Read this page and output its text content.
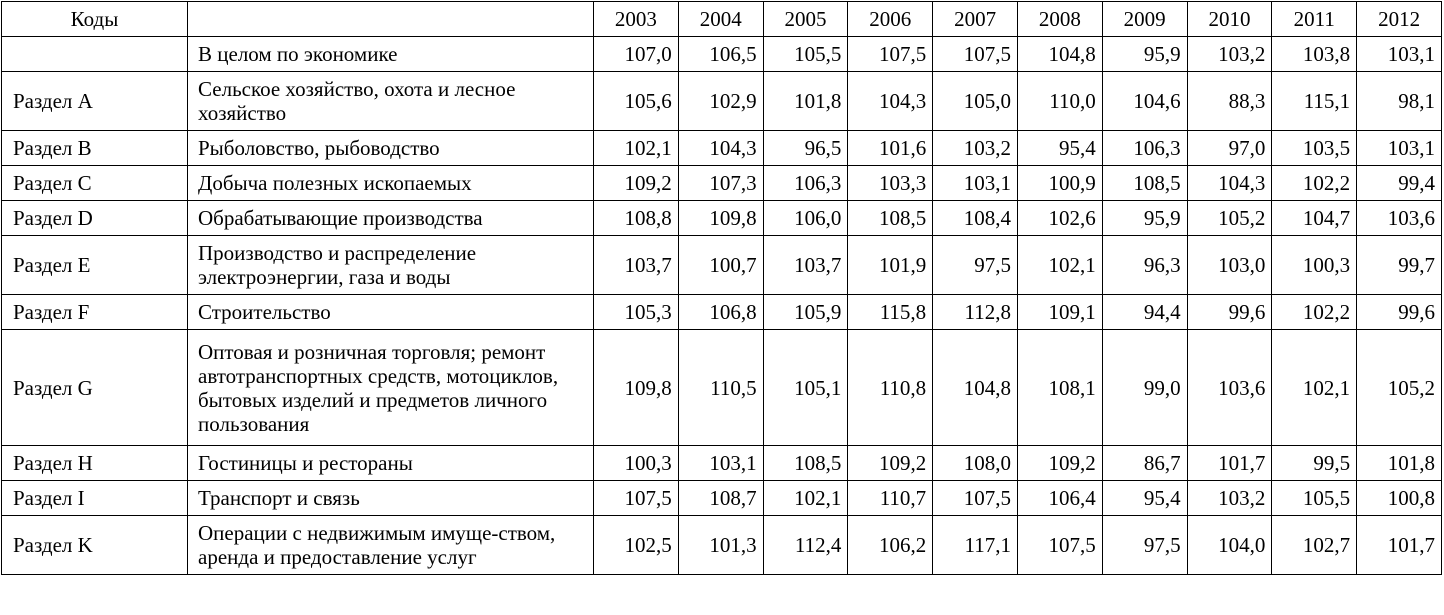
Коды		2003	2004	2005	2006	2007	2008	2009	2010	2011	2012
	В целом по экономике	107,0	106,5	105,5	107,5	107,5	104,8	95,9	103,2	103,8	103,1
Раздел A	Сельское хозяйство, охота и лесное хозяйство	105,6	102,9	101,8	104,3	105,0	110,0	104,6	88,3	115,1	98,1
Раздел B	Рыболовство, рыбоводство	102,1	104,3	96,5	101,6	103,2	95,4	106,3	97,0	103,5	103,1
Раздел C	Добыча полезных ископаемых	109,2	107,3	106,3	103,3	103,1	100,9	108,5	104,3	102,2	99,4
Раздел D	Обрабатывающие производства	108,8	109,8	106,0	108,5	108,4	102,6	95,9	105,2	104,7	103,6
Раздел E	Производство и распределение электроэнергии, газа и воды	103,7	100,7	103,7	101,9	97,5	102,1	96,3	103,0	100,3	99,7
Раздел F	Строительство	105,3	106,8	105,9	115,8	112,8	109,1	94,4	99,6	102,2	99,6
Раздел G	Оптовая и розничная торговля; ремонт автотранспортных средств, мотоциклов, бытовых изделий и предметов личного пользования	109,8	110,5	105,1	110,8	104,8	108,1	99,0	103,6	102,1	105,2
Раздел H	Гостиницы и рестораны	100,3	103,1	108,5	109,2	108,0	109,2	86,7	101,7	99,5	101,8
Раздел I	Транспорт и связь	107,5	108,7	102,1	110,7	107,5	106,4	95,4	103,2	105,5	100,8
Раздел K	Операции с недвижимым имуще-ством, аренда и предоставление услуг	102,5	101,3	112,4	106,2	117,1	107,5	97,5	104,0	102,7	101,7
